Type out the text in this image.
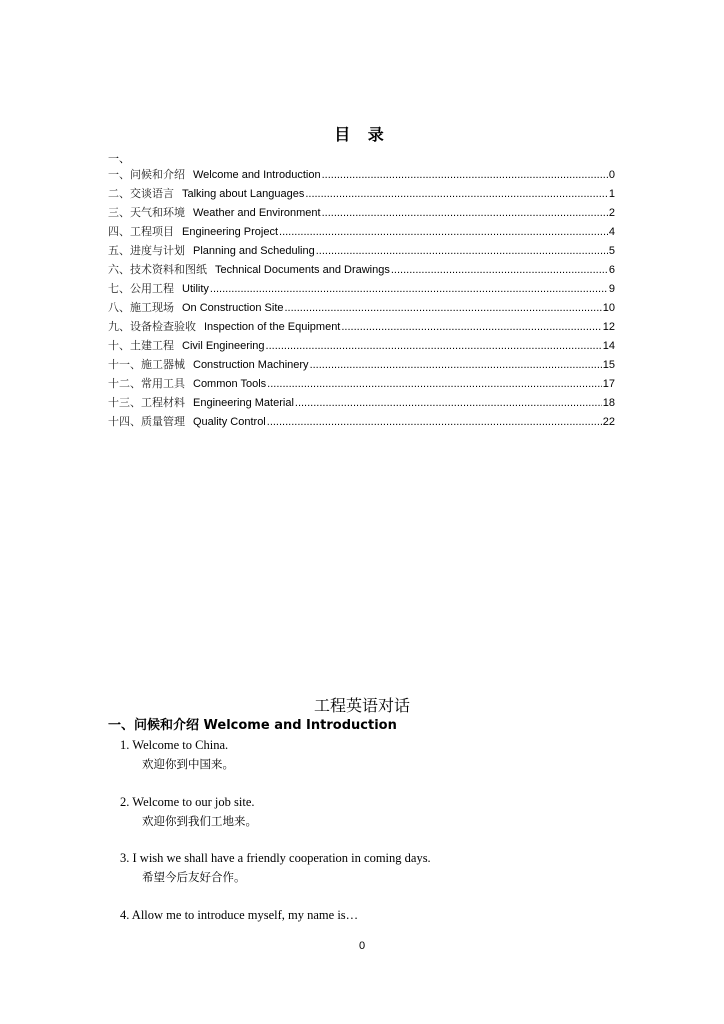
目 录
一、
一、问候和介绍 Welcome and Introduction .....	0
二、交谈语言 Talking about Languages .....	1
三、天气和环境 Weather and Environment .....	2
四、工程项目 Engineering Project .....	4
五、进度与计划 Planning and Scheduling .....	5
六、技术资料和图纸 Technical Documents and Drawings .....	6
七、公用工程 Utility .....	9
八、施工现场 On Construction Site .....	10
九、设备检查验收 Inspection of the Equipment .....	12
十、土建工程 Civil Engineering .....	14
十一、施工器械 Construction Machinery .....	15
十二、常用工具 Common Tools .....	17
十三、工程材料 Engineering Material .....	18
十四、质量管理 Quality Control .....	22
工程英语对话
一、问候和介绍 Welcome and Introduction
1. Welcome to China.
欢迎你到中国来。
2. Welcome to our job site.
欢迎你到我们工地来。
3. I wish we shall have a friendly cooperation in coming days.
希望今后友好合作。
4. Allow me to introduce myself, my name is…
0
